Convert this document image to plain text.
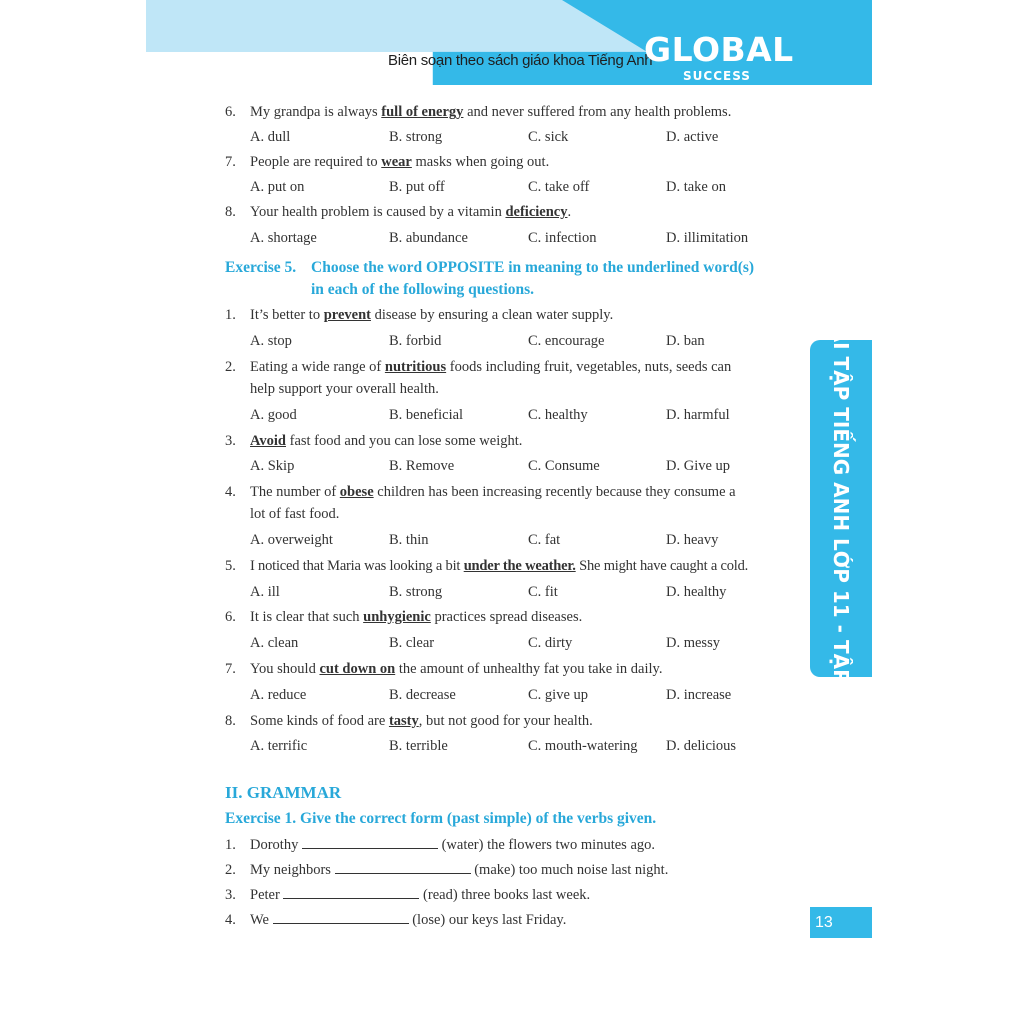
Biên soạn theo sách giáo khoa Tiếng Anh
GLOBAL
SUCCESS
BÀI TẬP TIẾNG ANH LỚP 11 - TẬP 1
13
6. My grandpa is always full of energy and never suffered from any health problems.
A. dull	B. strong	C. sick	D. active
7. People are required to wear masks when going out.
A. put on	B. put off	C. take off	D. take on
8. Your health problem is caused by a vitamin deficiency.
A. shortage	B. abundance	C. infection	D. illimitation
Exercise 5. Choose the word OPPOSITE in meaning to the underlined word(s)
in each of the following questions.
1. It’s better to prevent disease by ensuring a clean water supply.
A. stop	B. forbid	C. encourage	D. ban
2. Eating a wide range of nutritious foods including fruit, vegetables, nuts, seeds can
help support your overall health.
A. good	B. beneficial	C. healthy	D. harmful
3. Avoid fast food and you can lose some weight.
A. Skip	B. Remove	C. Consume	D. Give up
4. The number of obese children has been increasing recently because they consume a
lot of fast food.
A. overweight	B. thin	C. fat	D. heavy
5. I noticed that Maria was looking a bit under the weather. She might have caught a cold.
A. ill	B. strong	C. fit	D. healthy
6. It is clear that such unhygienic practices spread diseases.
A. clean	B. clear	C. dirty	D. messy
7. You should cut down on the amount of unhealthy fat you take in daily.
A. reduce	B. decrease	C. give up	D. increase
8. Some kinds of food are tasty, but not good for your health.
A. terrific	B. terrible	C. mouth-watering D. delicious
II. GRAMMAR
Exercise 1. Give the correct form (past simple) of the verbs given.
1. Dorothy	(water) the flowers two minutes ago.
2. My neighbors	(make) too much noise last night.
3. Peter	(read) three books last week.
4. We	(lose) our keys last Friday.
